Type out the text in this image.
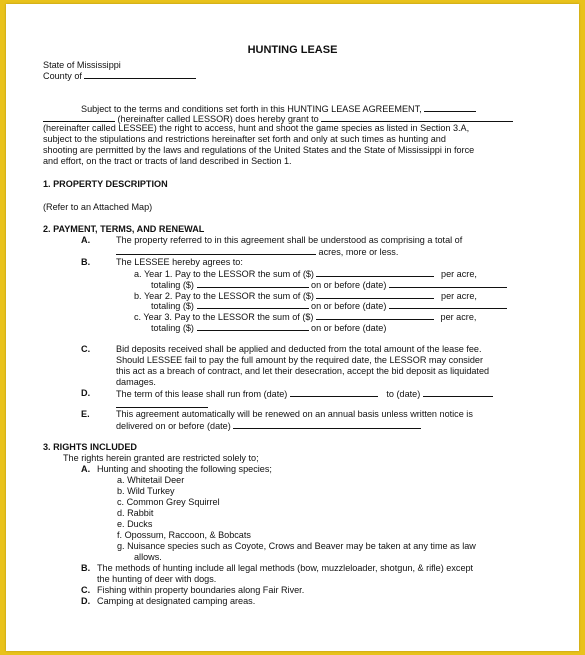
HUNTING LEASE
State of Mississippi
County of
Subject to the terms and conditions set forth in this HUNTING LEASE AGREEMENT,
(hereinafter called LESSOR) does hereby grant to
(hereinafter called LESSEE) the right to access, hunt and shoot the game species as listed in Section 3.A,
subject to the stipulations and restrictions hereinafter set forth and only at such times as hunting and
shooting are permitted by the laws and regulations of the United States and the State of Mississippi in force
and effort, on the tract or tracts of land described in Section 1.
1. PROPERTY DESCRIPTION
(Refer to an Attached Map)
2. PAYMENT, TERMS, AND RENEWAL
A.	The property referred to in this agreement shall be understood as comprising a total of
acres, more or less.
B.	The LESSEE hereby agrees to:
a. Year 1. Pay to the LESSOR the sum of ($)	per acre,
totaling ($)	on or before (date)
b. Year 2. Pay to the LESSOR the sum of ($)	per acre,
totaling ($)	on or before (date)
c. Year 3. Pay to the LESSOR the sum of ($)	per acre,
totaling ($)	on or before (date)
C.	Bid deposits received shall be applied and deducted from the total amount of the lease fee.
Should LESSEE fail to pay the full amount by the required date, the LESSOR may consider
this act as a breach of contract, and let their desecration, accept the bid deposit as liquidated
damages.
D.	The term of this lease shall run from (date)	to (date)
E.	This agreement automatically will be renewed on an annual basis unless written notice is
delivered on or before (date)
3. RIGHTS INCLUDED
The rights herein granted are restricted solely to;
A. Hunting and shooting the following species;
a. Whitetail Deer
b. Wild Turkey
c. Common Grey Squirrel
d. Rabbit
e. Ducks
f. Opossum, Raccoon, & Bobcats
g. Nuisance species such as Coyote, Crows and Beaver may be taken at any time as law
allows.
B. The methods of hunting include all legal methods (bow, muzzleloader, shotgun, & rifle) except
the hunting of deer with dogs.
C. Fishing within property boundaries along Fair River.
D. Camping at designated camping areas.
